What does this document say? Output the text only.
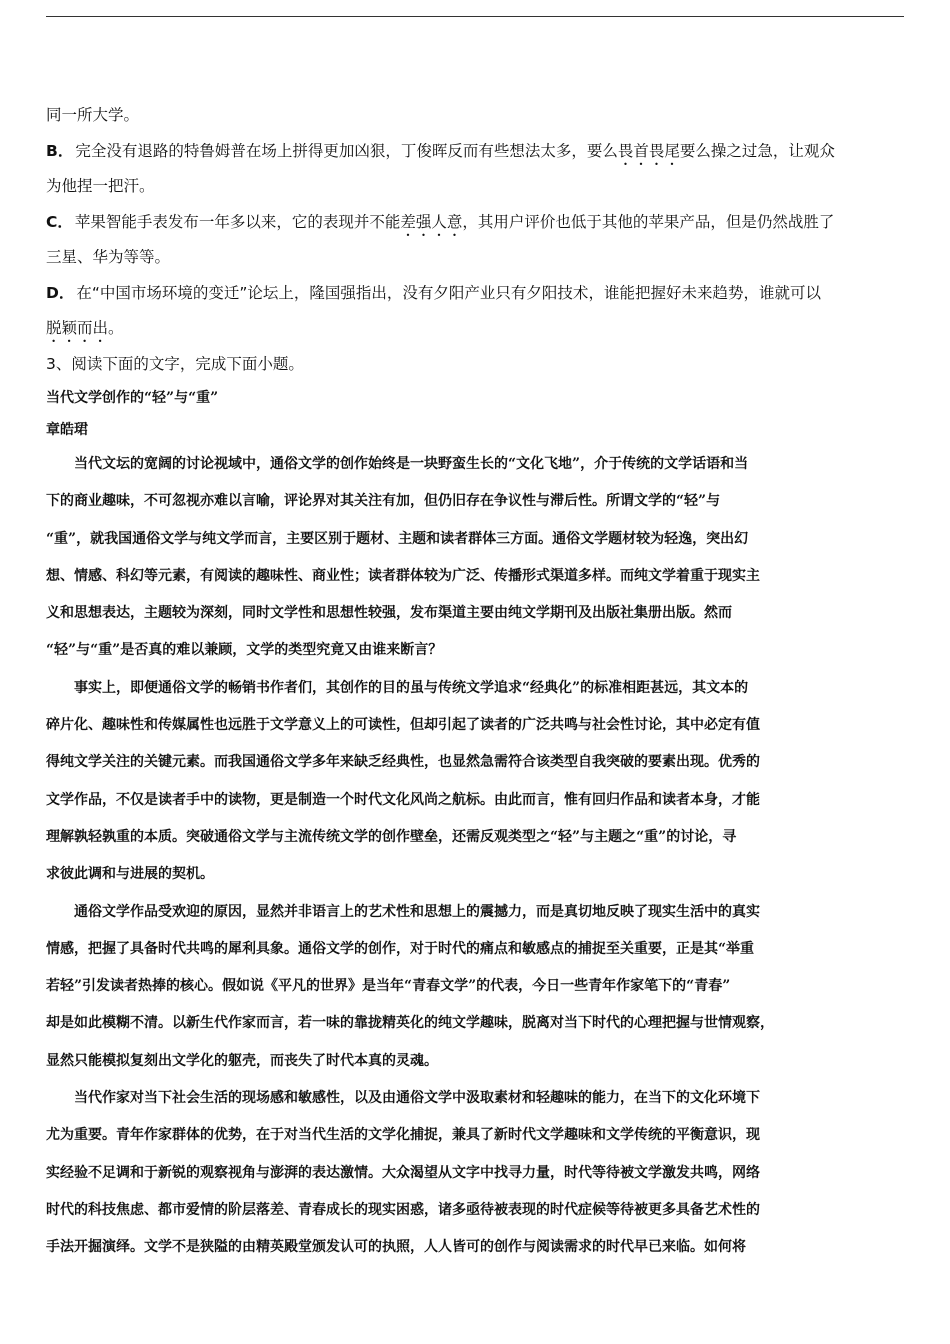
同一所大学。

B． 完全没有退路的特鲁姆普在场上拼得更加凶狠，丁俊晖反而有些想法太多，要么畏首畏尾要么操之过急，让观众
为他捏一把汗。

C． 苹果智能手表发布一年多以来，它的表现并不能差强人意，其用户评价也低于其他的苹果产品，但是仍然战胜了
三星、华为等等。

D． 在“中国市场环境的变迁”论坛上，隆国强指出，没有夕阳产业只有夕阳技术，谁能把握好未来趋势，谁就可以
脱颖而出。

3、阅读下面的文字，完成下面小题。

当代文学创作的“轻”与“重”

章皓珺

当代文坛的宽阔的讨论视域中，通俗文学的创作始终是一块野蛮生长的“文化飞地”，介于传统的文学话语和当
下的商业趣味，不可忽视亦难以言喻，评论界对其关注有加，但仍旧存在争议性与滞后性。所谓文学的“轻”与
“重”，就我国通俗文学与纯文学而言，主要区别于题材、主题和读者群体三方面。通俗文学题材较为轻逸，突出幻
想、情感、科幻等元素，有阅读的趣味性、商业性；读者群体较为广泛、传播形式渠道多样。而纯文学着重于现实主
义和思想表达，主题较为深刻，同时文学性和思想性较强，发布渠道主要由纯文学期刊及出版社集册出版。然而
“轻”与“重”是否真的难以兼顾，文学的类型究竟又由谁来断言？

事实上，即便通俗文学的畅销书作者们，其创作的目的虽与传统文学追求“经典化”的标准相距甚远，其文本的
碎片化、趣味性和传媒属性也远胜于文学意义上的可读性，但却引起了读者的广泛共鸣与社会性讨论，其中必定有值
得纯文学关注的关键元素。而我国通俗文学多年来缺乏经典性，也显然急需符合该类型自我突破的要素出现。优秀的
文学作品，不仅是读者手中的读物，更是制造一个时代文化风尚之航标。由此而言，惟有回归作品和读者本身，才能
理解孰轻孰重的本质。突破通俗文学与主流传统文学的创作壁垒，还需反观类型之“轻”与主题之“重”的讨论，寻
求彼此调和与进展的契机。

通俗文学作品受欢迎的原因，显然并非语言上的艺术性和思想上的震撼力，而是真切地反映了现实生活中的真实
情感，把握了具备时代共鸣的犀利具象。通俗文学的创作，对于时代的痛点和敏感点的捕捉至关重要，正是其“举重
若轻”引发读者热捧的核心。假如说《平凡的世界》是当年“青春文学”的代表，今日一些青年作家笔下的“青春”
却是如此模糊不清。以新生代作家而言，若一味的靠拢精英化的纯文学趣味，脱离对当下时代的心理把握与世情观察，
显然只能模拟复刻出文学化的躯壳，而丧失了时代本真的灵魂。

当代作家对当下社会生活的现场感和敏感性，以及由通俗文学中汲取素材和轻趣味的能力，在当下的文化环境下
尤为重要。青年作家群体的优势，在于对当代生活的文学化捕捉，兼具了新时代文学趣味和文学传统的平衡意识，现
实经验不足调和于新锐的观察视角与澎湃的表达激情。大众渴望从文字中找寻力量，时代等待被文学激发共鸣，网络
时代的科技焦虑、都市爱情的阶层落差、青春成长的现实困惑，诸多亟待被表现的时代症候等待被更多具备艺术性的
手法开掘演绎。文学不是狭隘的由精英殿堂颁发认可的执照，人人皆可的创作与阅读需求的时代早已来临。如何将
